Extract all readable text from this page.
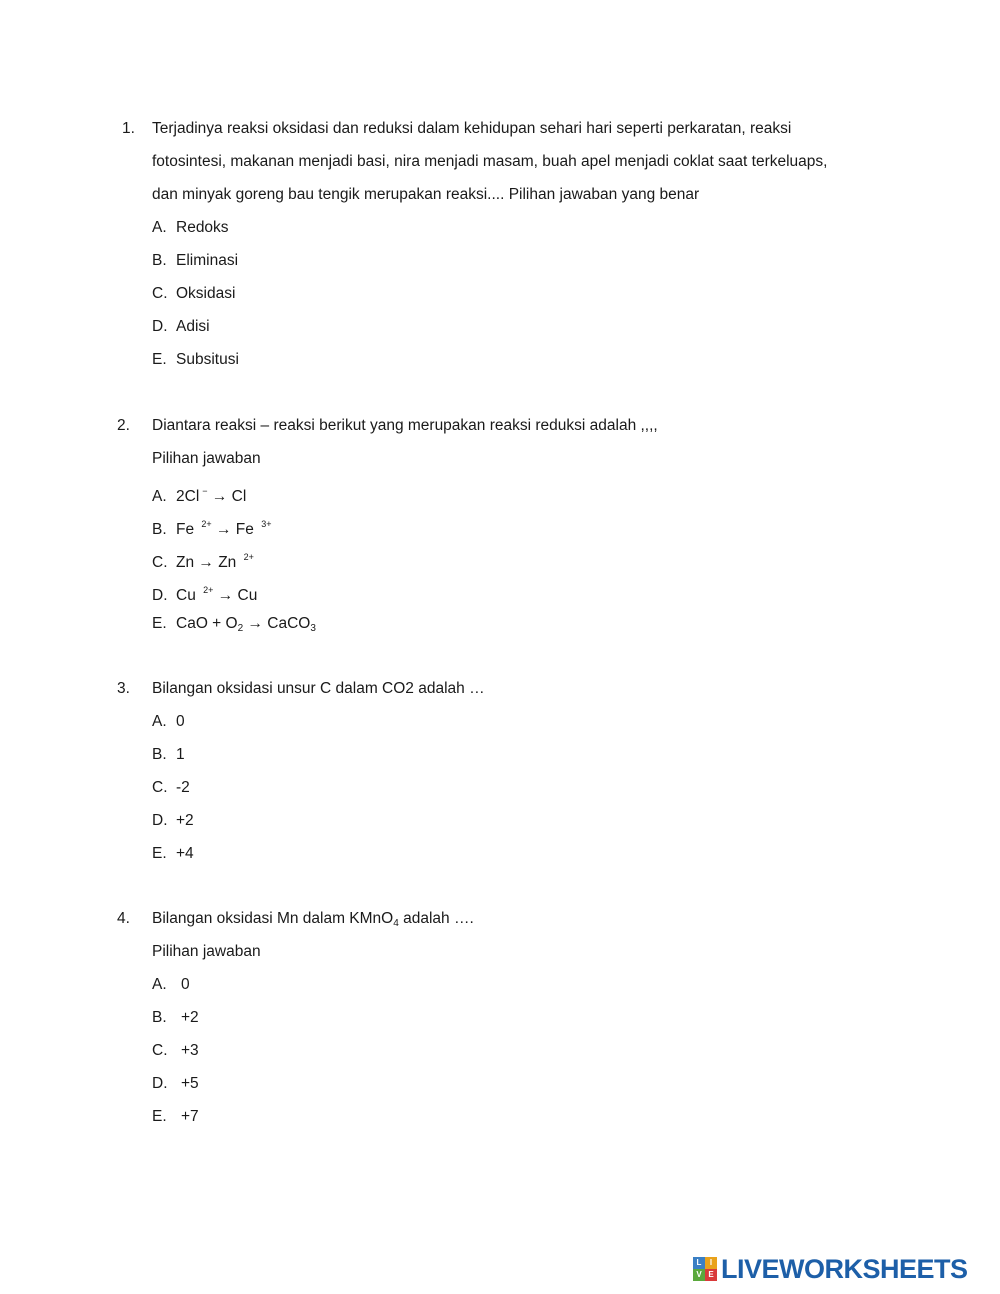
1. Terjadinya reaksi oksidasi dan reduksi dalam kehidupan sehari hari seperti perkaratan, reaksi
fotosintesi, makanan menjadi basi, nira menjadi masam, buah apel menjadi coklat saat terkeluaps,
dan minyak goreng bau tengik merupakan reaksi.... Pilihan jawaban yang benar
A. Redoks
B. Eliminasi
C. Oksidasi
D. Adisi
E. Subsitusi
2. Diantara reaksi – reaksi berikut yang merupakan reaksi reduksi adalah ,,,,
Pilihan jawaban
A. 2Cl − → Cl
B. Fe $^{2+}$ → Fe $^{3+}$
C. Zn → Zn $^{2+}$
D. Cu $^{2+}$ → Cu
E. CaO + $O_2$ → CaCO$_3$
3. Bilangan oksidasi unsur C dalam CO2 adalah …
A. 0
B. 1
C. -2
D. +2
E. +4
4. Bilangan oksidasi Mn dalam KMnO$_4$ adalah ….
Pilihan jawaban
A. 0
B. +2
C. +3
D. +5
E. +7
L	I
V E LIVEWORKSHEETS
